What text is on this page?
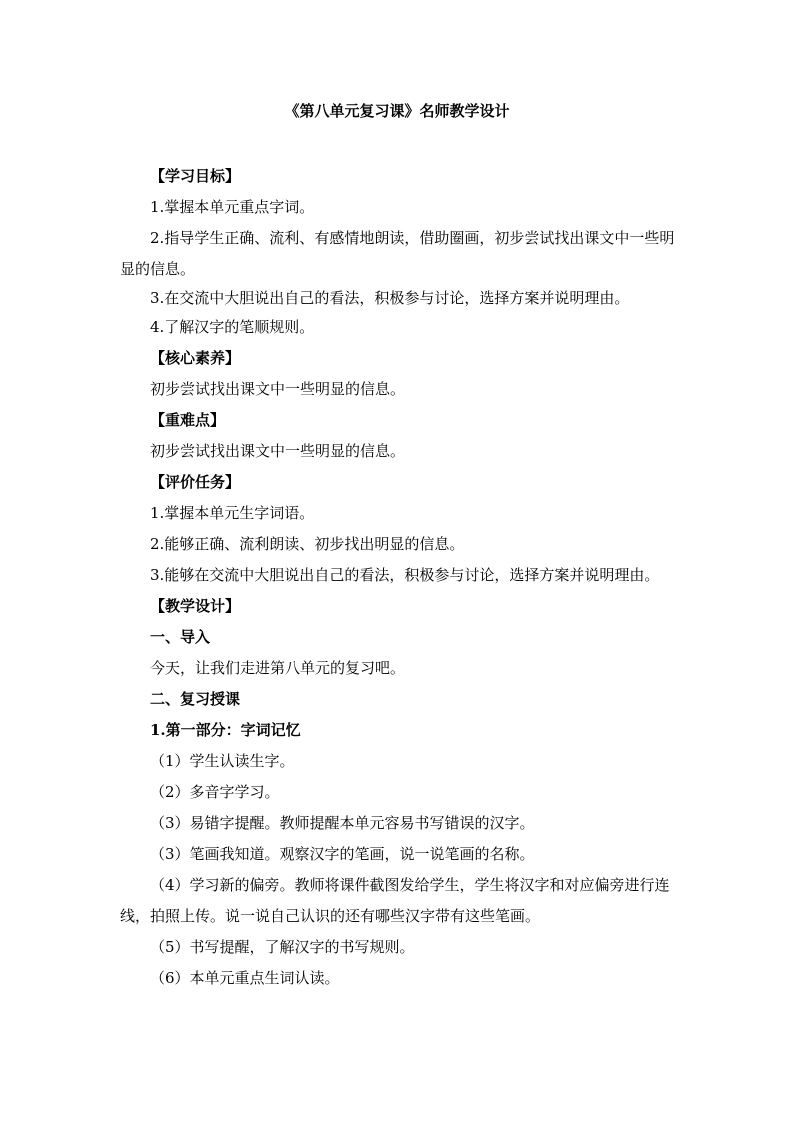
《第八单元复习课》名师教学设计

【学习目标】

1.掌握本单元重点字词。

2.指导学生正确、流利、有感情地朗读，借助圈画，初步尝试找出课文中一些明显的信息。

3.在交流中大胆说出自己的看法，积极参与讨论，选择方案并说明理由。

4.了解汉字的笔顺规则。

【核心素养】

初步尝试找出课文中一些明显的信息。

【重难点】

初步尝试找出课文中一些明显的信息。

【评价任务】

1.掌握本单元生字词语。

2.能够正确、流利朗读、初步找出明显的信息。

3.能够在交流中大胆说出自己的看法，积极参与讨论，选择方案并说明理由。

【教学设计】

一、导入

今天，让我们走进第八单元的复习吧。

二、复习授课

1.第一部分：字词记忆

（1）学生认读生字。

（2）多音字学习。

（3）易错字提醒。教师提醒本单元容易书写错误的汉字。

（3）笔画我知道。观察汉字的笔画，说一说笔画的名称。

（4）学习新的偏旁。教师将课件截图发给学生，学生将汉字和对应偏旁进行连线，拍照上传。说一说自己认识的还有哪些汉字带有这些笔画。

（5）书写提醒，了解汉字的书写规则。

（6）本单元重点生词认读。
